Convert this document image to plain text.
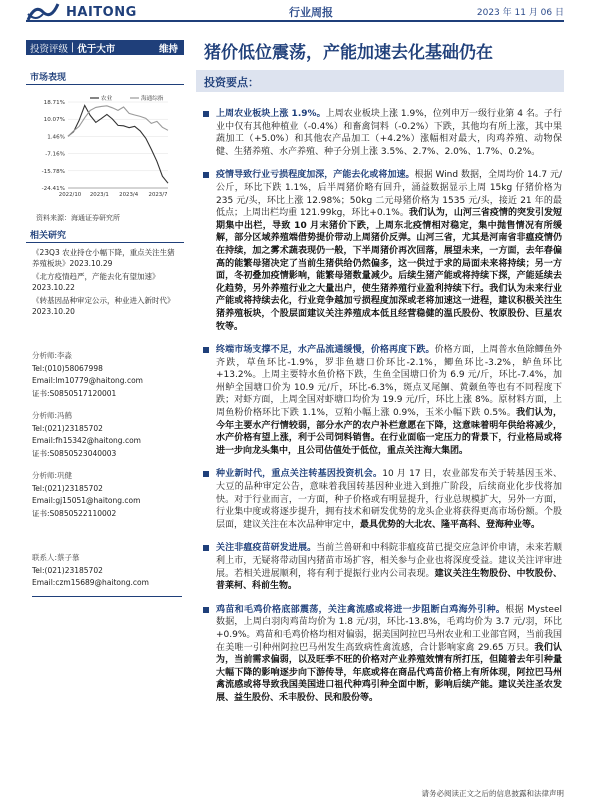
HAITONG	行业周报	2023 年 11 月 06 日
投资评级 | 优于大市	维持	猪价低位震荡，产能加速去化基础仍在
市场表现
18.71%
10.07%
1.46%
-7.16%
-15.78%
-24.41%
2022/10 2023/1 2023/4 2023/7
农业	海通综指
资料来源：海通证券研究所
相关研究
《23Q3 农业持仓小幅下降，重点关注生猪养殖板块》2023.10.29
《北方疫情趋严，产能去化有望加速》2023.10.22
《转基因品种审定公示，种业进入新时代》2023.10.20
分析师:李淼
Tel:(010)58067998
Email:lm10779@haitong.com
证书:S0850517120001
分析师:冯鹤
Tel:(021)23185702
Email:fh15342@haitong.com
证书:S0850523040003
分析师:巩健
Tel:(021)23185702
Email:gj15051@haitong.com
证书:S0850522110002
联系人:蔡子慕
Tel:(021)23185702
Email:czm15689@haitong.com
投资要点：
上周农业板块上涨 1.9%。上周农业板块上涨 1.9%，位列申万一级行业第 4 名。子行业中仅有其他种植业（-0.4%）和畜禽饲料（-0.2%）下跌，其他均有所上涨，其中果蔬加工（+5.0%）和其他农产品加工（+4.2%）涨幅相对最大，肉鸡养殖、动物保健、生猪养殖、水产养殖、种子分别上涨 3.5%、2.7%、2.0%、1.7%、0.2%。
疫情导致行业亏损程度加深，产能去化或将加速。根据 Wind 数据，全周均价 14.7 元/公斤，环比下跌 1.1%，后半周猪价略有回升，涌益数据显示上周 15kg 仔猪价格为 235 元/头，环比上涨 12.98%；50kg 二元母猪价格为 1535 元/头，接近 21 年的最低点；上周出栏均重 121.99kg，环比+0.1%。我们认为，山河三省疫情的突发引发短期集中出栏，导致 10 月末猪价下跌，上周东北疫情相对稳定，集中抛售情况有所缓解，部分区域养殖端借势提价带动上周猪价反弹。山河三省，尤其是河南省非瘟疫情仍在持续，加之雾术蔬表现仍一般，下半周猪价再次回落，展望未来，一方面，去年春偏高的能繁母猪决定了当前生猪供给仍然偏多，这一供过于求的局面未来将持续；另一方面，冬初叠加疫情影响，能繁母猪数量减少。后续生猪产能或将持续下探，产能延续去化趋势，另外养殖行业之大量出户，使生猪养殖行业盈利持续下行。我们认为未来行业产能或将持续去化，行业竞争越加亏损程度加深或老将加速这一进程，建议积极关注生猪养殖板块，个股层面建议关注养殖成本低且经营稳健的温氏股份、牧原股份、巨星农牧等。
终端市场支撑不足，水产品流通缓慢，价格再度下跌。价格方面，上周普水鱼除鲫鱼外齐跌，草鱼环比-1.9%，罗非鱼塘口价环比-2.1%，鲫鱼环比-3.2%，鲈鱼环比+13.2%。上周主要特水鱼价格下跌，生鱼全国塘口价为 6.9 元/斤，环比-7.4%，加州鲈全国塘口价为 10.9 元/斤，环比-6.3%，斑点叉尾鮰、黄颡鱼等也有不同程度下跌；对虾方面，上周全国对虾塘口均价为 19.9 元/斤，环比上涨 8%。原材料方面，上周鱼粉价格环比下跌 1.1%，豆粕小幅上涨 0.9%，玉米小幅下跌 0.5%。我们认为，今年主要水产行情较弱，部分水产的农户补栏意愿在下降，这意味着明年供给将减少，水产价格有望上涨，利于公司饲料销售。在行业面临一定压力的背景下，行业格局或将进一步向龙头集中，且公司估值处于低位，重点关注海大集团。
种业新时代，重点关注转基因投资机会。10 月 17 日，农业部发布关于转基因玉米、大豆的品种审定公告，意味着我国转基因种业进入到推广阶段，后续商业化步伐将加快。对于行业而言，一方面，种子价格或有明显提升，行业总规模扩大，另外一方面，行业集中度或将逐步提升，拥有技术和研发优势的龙头企业将获得更高市场份额。个股层面，建议关注在本次品种审定中，最具优势的大北农、隆平高科、登海种业等。
关注非瘟疫苗研发进展。当前兰兽研和中科院非瘟疫苗已提交应急评价申请，未来若顺利上市，无疑将带动国内猪苗市场扩容，相关参与企业也将深度受益。建议关注评审进展。若相关进展顺利，将有利于提振行业内公司表现。建议关注生物股份、中牧股份、普莱柯、科前生物。
鸡苗和毛鸡价格底部震荡，关注禽流感或将进一步阻断白鸡海外引种。根据 Mysteel 数据，上周白羽肉鸡苗均价为 1.8 元/羽，环比-13.8%，毛鸡均价为 3.7 元/羽，环比+0.9%。鸡苗和毛鸡价格均相对偏弱，据美国阿拉巴马州农业和工业部官网，当前我国在美唯一引种州阿拉巴马州发生高致病性禽流感，合计影响家禽 29.65 万只。我们认为，当前需求偏弱，以及旺季不旺的价格对产业养殖效情有所打压，但随着去年引种量大幅下降的影响逐步向下游传导，年底或将在商品代鸡苗价格上有所体现，阿拉巴马州禽流感或将导致我国美国进口祖代种鸡引种全面中断，影响后续产能。建议关注圣农发展、益生股份、禾丰股份、民和股份等。
请务必阅读正文之后的信息披露和法律声明
